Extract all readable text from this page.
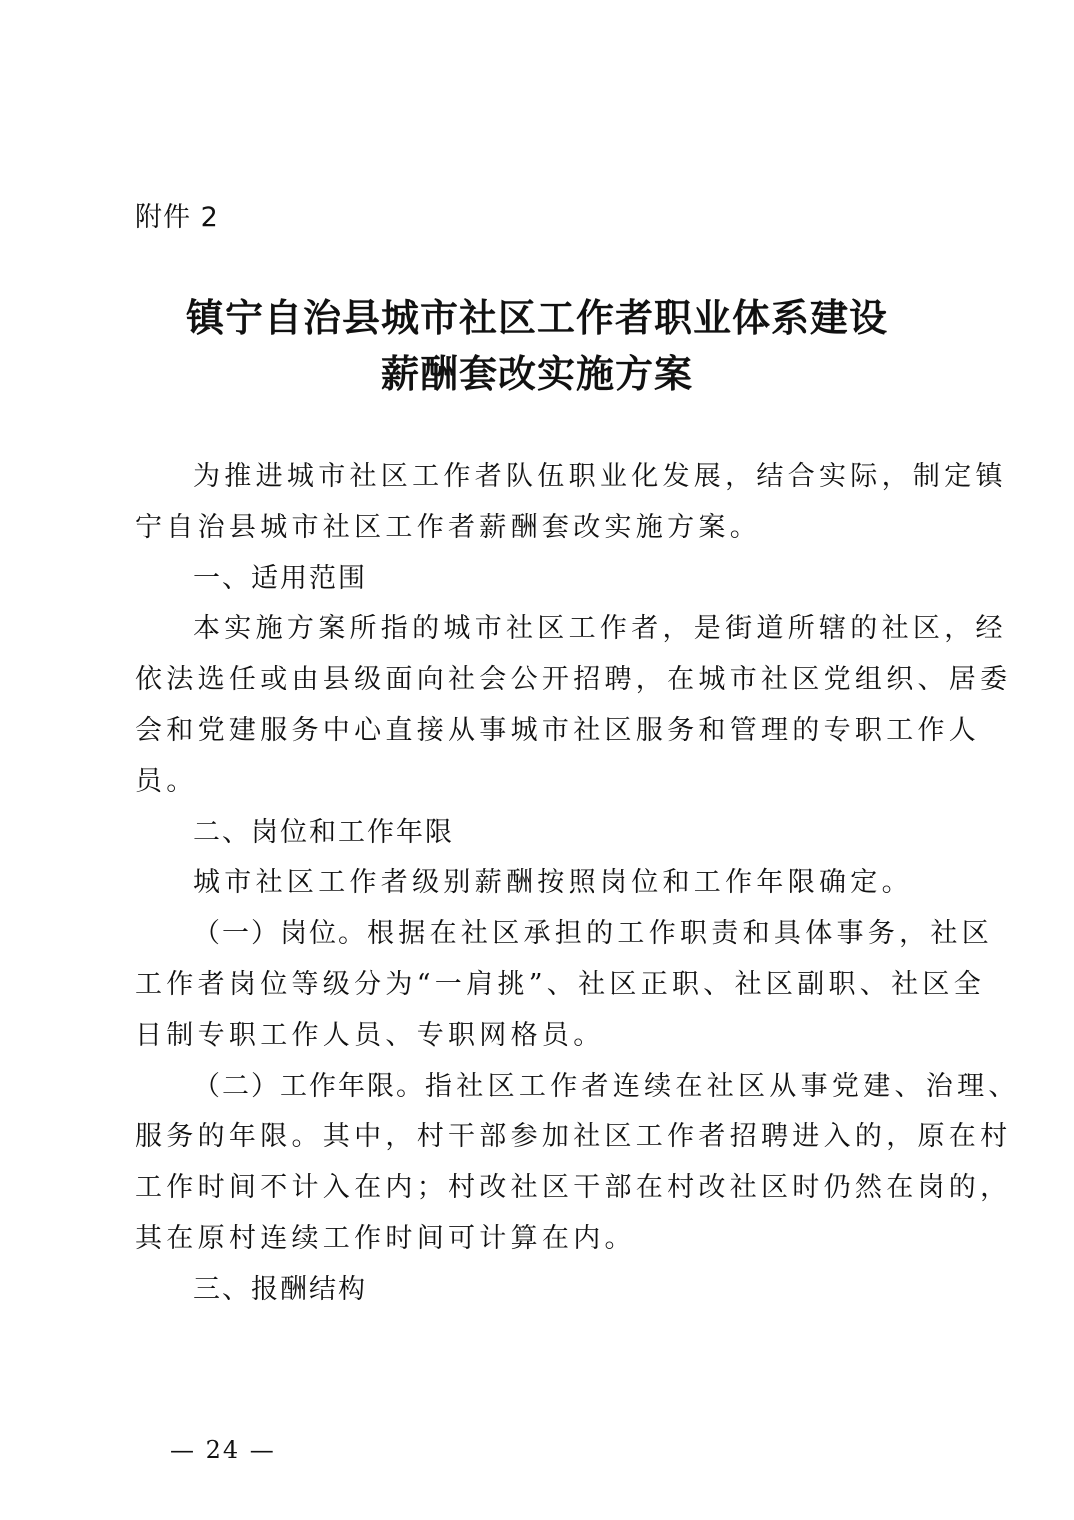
附件 2
镇宁自治县城市社区工作者职业体系建设
薪酬套改实施方案
为推进城市社区工作者队伍职业化发展，结合实际，制定镇
宁自治县城市社区工作者薪酬套改实施方案。
一、适用范围
本实施方案所指的城市社区工作者，是街道所辖的社区，经
依法选任或由县级面向社会公开招聘，在城市社区党组织、居委
会和党建服务中心直接从事城市社区服务和管理的专职工作人
员。
二、岗位和工作年限
城市社区工作者级别薪酬按照岗位和工作年限确定。
（一）岗位。根据在社区承担的工作职责和具体事务，社区
工作者岗位等级分为“一肩挑”、社区正职、社区副职、社区全
日制专职工作人员、专职网格员。
（二）工作年限。指社区工作者连续在社区从事党建、治理、
服务的年限。其中，村干部参加社区工作者招聘进入的，原在村
工作时间不计入在内；村改社区干部在村改社区时仍然在岗的，
其在原村连续工作时间可计算在内。
三、报酬结构
— 24 —
